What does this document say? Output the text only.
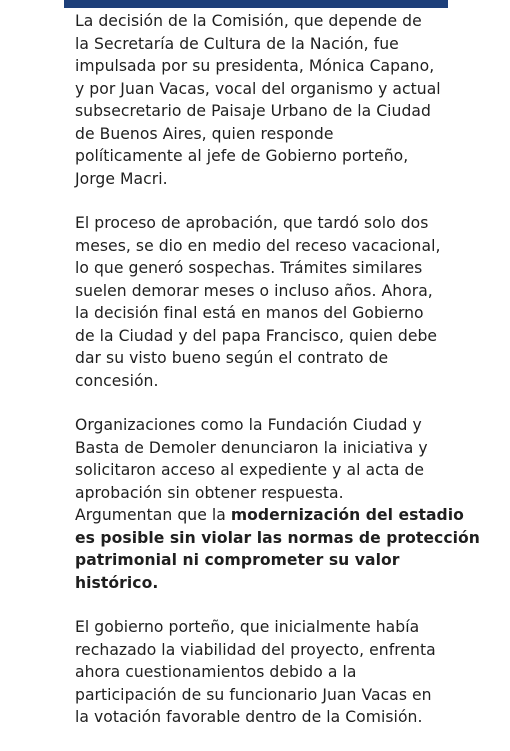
La decisión de la Comisión, que depende de
la Secretaría de Cultura de la Nación, fue
impulsada por su presidenta, Mónica Capano,
y por Juan Vacas, vocal del organismo y actual
subsecretario de Paisaje Urbano de la Ciudad
de Buenos Aires, quien responde
políticamente al jefe de Gobierno porteño,
Jorge Macri.

El proceso de aprobación, que tardó solo dos
meses, se dio en medio del receso vacacional,
lo que generó sospechas. Trámites similares
suelen demorar meses o incluso años. Ahora,
la decisión final está en manos del Gobierno
de la Ciudad y del papa Francisco, quien debe
dar su visto bueno según el contrato de
concesión.

Organizaciones como la Fundación Ciudad y
Basta de Demoler denunciaron la iniciativa y
solicitaron acceso al expediente y al acta de
aprobación sin obtener respuesta.
Argumentan que la modernización del estadio
es posible sin violar las normas de protección
patrimonial ni comprometer su valor
histórico.

El gobierno porteño, que inicialmente había
rechazado la viabilidad del proyecto, enfrenta
ahora cuestionamientos debido a la
participación de su funcionario Juan Vacas en
la votación favorable dentro de la Comisión.
